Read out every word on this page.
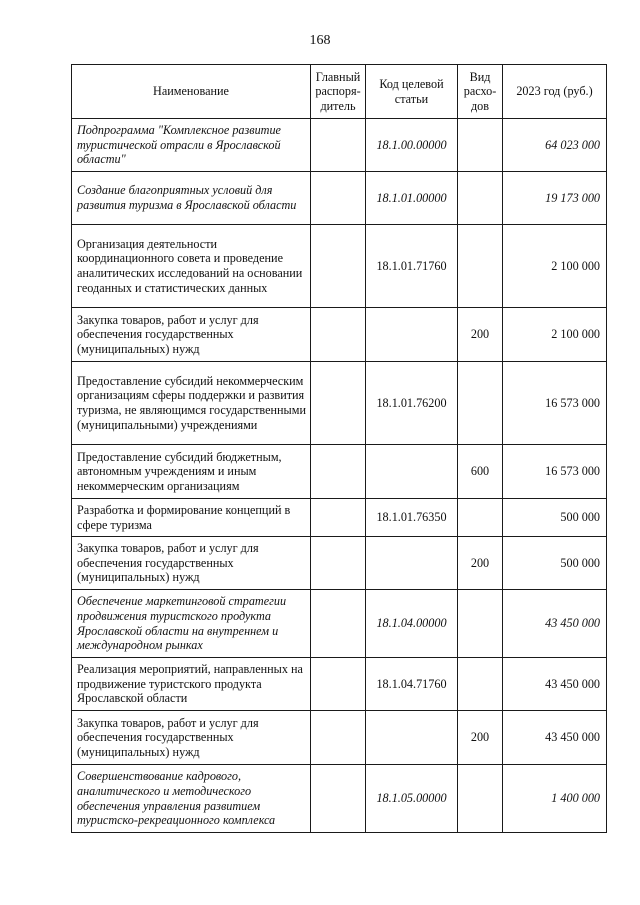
168
Наименование	Главный распоря-дитель	Код целевой статьи	Вид расхо-дов	2023 год (руб.)
Подпрограмма "Комплексное развитие туристической отрасли в Ярославской области"		18.1.00.00000		64 023 000
Создание благоприятных условий для развития туризма в Ярославской области		18.1.01.00000		19 173 000
Организация деятельности координационного совета и проведение аналитических исследований на основании геоданных и статистических данных		18.1.01.71760		2 100 000
Закупка товаров, работ и услуг для обеспечения государственных (муниципальных) нужд			200	2 100 000
Предоставление субсидий некоммерческим организациям сферы поддержки и развития туризма, не являющимся государственными (муниципальными) учреждениями		18.1.01.76200		16 573 000
Предоставление субсидий бюджетным, автономным учреждениям и иным некоммерческим организациям			600	16 573 000
Разработка и формирование концепций в сфере туризма		18.1.01.76350		500 000
Закупка товаров, работ и услуг для обеспечения государственных (муниципальных) нужд			200	500 000
Обеспечение маркетинговой стратегии продвижения туристского продукта Ярославской области на внутреннем и международном рынках		18.1.04.00000		43 450 000
Реализация мероприятий, направленных на продвижение туристского продукта Ярославской области		18.1.04.71760		43 450 000
Закупка товаров, работ и услуг для обеспечения государственных (муниципальных) нужд			200	43 450 000
Совершенствование кадрового, аналитического и методического обеспечения управления развитием туристско-рекреационного комплекса		18.1.05.00000		1 400 000
